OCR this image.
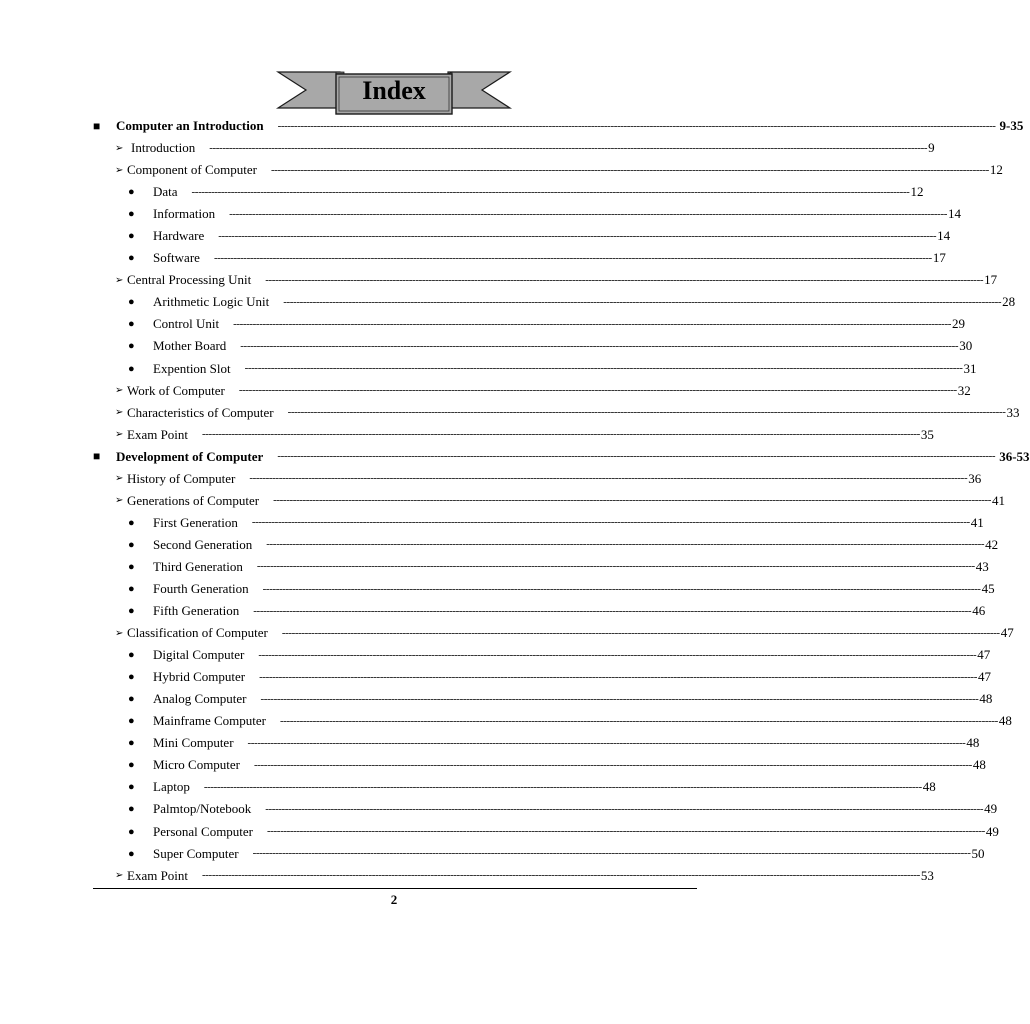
Index
■	Computer an Introduction	---------------------------------------------------------------------------------------------------------------------------------------------------------------------------------------------------------------------------- 9-35
➢ Introduction	---------------------------------------------------------------------------------------------------------------------------------------------------------------------------------------------------------------------------- 9
➢ Component of Computer	---------------------------------------------------------------------------------------------------------------------------------------------------------------------------------------------------------------------------- 12
●	Data	---------------------------------------------------------------------------------------------------------------------------------------------------------------------------------------------------------------------------- 12
●	Information	---------------------------------------------------------------------------------------------------------------------------------------------------------------------------------------------------------------------------- 14
●	Hardware	---------------------------------------------------------------------------------------------------------------------------------------------------------------------------------------------------------------------------- 14
●	Software	---------------------------------------------------------------------------------------------------------------------------------------------------------------------------------------------------------------------------- 17
➢ Central Processing Unit	---------------------------------------------------------------------------------------------------------------------------------------------------------------------------------------------------------------------------- 17
●	Arithmetic Logic Unit	---------------------------------------------------------------------------------------------------------------------------------------------------------------------------------------------------------------------------- 28
●	Control Unit	---------------------------------------------------------------------------------------------------------------------------------------------------------------------------------------------------------------------------- 29
●	Mother Board	---------------------------------------------------------------------------------------------------------------------------------------------------------------------------------------------------------------------------- 30
●	Expention Slot	---------------------------------------------------------------------------------------------------------------------------------------------------------------------------------------------------------------------------- 31
➢ Work of Computer	---------------------------------------------------------------------------------------------------------------------------------------------------------------------------------------------------------------------------- 32
➢ Characteristics of Computer	---------------------------------------------------------------------------------------------------------------------------------------------------------------------------------------------------------------------------- 33
➢ Exam Point	---------------------------------------------------------------------------------------------------------------------------------------------------------------------------------------------------------------------------- 35
■	Development of Computer	---------------------------------------------------------------------------------------------------------------------------------------------------------------------------------------------------------------------------- 36-53
➢ History of Computer	---------------------------------------------------------------------------------------------------------------------------------------------------------------------------------------------------------------------------- 36
➢ Generations of Computer	---------------------------------------------------------------------------------------------------------------------------------------------------------------------------------------------------------------------------- 41
●	First Generation	---------------------------------------------------------------------------------------------------------------------------------------------------------------------------------------------------------------------------- 41
●	Second Generation	---------------------------------------------------------------------------------------------------------------------------------------------------------------------------------------------------------------------------- 42
●	Third Generation	---------------------------------------------------------------------------------------------------------------------------------------------------------------------------------------------------------------------------- 43
●	Fourth Generation	---------------------------------------------------------------------------------------------------------------------------------------------------------------------------------------------------------------------------- 45
●	Fifth Generation	---------------------------------------------------------------------------------------------------------------------------------------------------------------------------------------------------------------------------- 46
➢ Classification of Computer	---------------------------------------------------------------------------------------------------------------------------------------------------------------------------------------------------------------------------- 47
●	Digital Computer	---------------------------------------------------------------------------------------------------------------------------------------------------------------------------------------------------------------------------- 47
●	Hybrid Computer	---------------------------------------------------------------------------------------------------------------------------------------------------------------------------------------------------------------------------- 47
●	Analog Computer	---------------------------------------------------------------------------------------------------------------------------------------------------------------------------------------------------------------------------- 48
●	Mainframe Computer	---------------------------------------------------------------------------------------------------------------------------------------------------------------------------------------------------------------------------- 48
●	Mini Computer	---------------------------------------------------------------------------------------------------------------------------------------------------------------------------------------------------------------------------- 48
●	Micro Computer	---------------------------------------------------------------------------------------------------------------------------------------------------------------------------------------------------------------------------- 48
●	Laptop	---------------------------------------------------------------------------------------------------------------------------------------------------------------------------------------------------------------------------- 48
●	Palmtop/Notebook	---------------------------------------------------------------------------------------------------------------------------------------------------------------------------------------------------------------------------- 49
●	Personal Computer	---------------------------------------------------------------------------------------------------------------------------------------------------------------------------------------------------------------------------- 49
●	Super Computer	---------------------------------------------------------------------------------------------------------------------------------------------------------------------------------------------------------------------------- 50
➢ Exam Point	---------------------------------------------------------------------------------------------------------------------------------------------------------------------------------------------------------------------------- 53
2
